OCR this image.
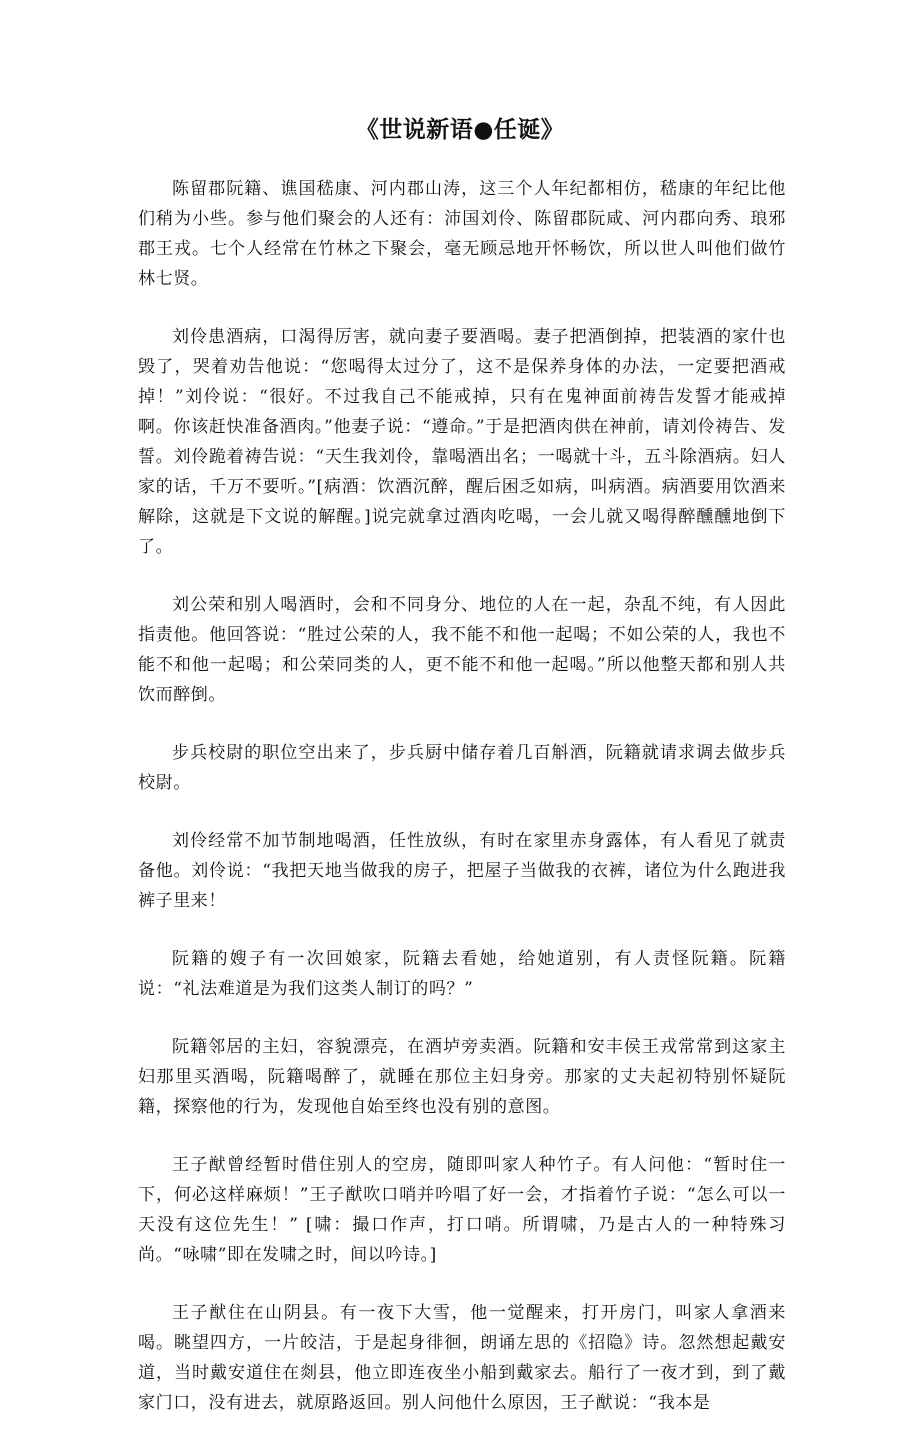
《世说新语●任诞》

陈留郡阮籍、谯国嵇康、河内郡山涛，这三个人年纪都相仿，嵇康的年纪比他们稍为小些。参与他们聚会的人还有：沛国刘伶、陈留郡阮咸、河内郡向秀、琅邪郡王戎。七个人经常在竹林之下聚会，毫无顾忌地开怀畅饮，所以世人叫他们做竹林七贤。

刘伶患酒病，口渴得厉害，就向妻子要酒喝。妻子把酒倒掉，把装酒的家什也毁了，哭着劝告他说：“您喝得太过分了，这不是保养身体的办法，一定要把酒戒掉！”刘伶说：“很好。不过我自己不能戒掉，只有在鬼神面前祷告发誓才能戒掉啊。你该赶快准备酒肉。”他妻子说：“遵命。”于是把酒肉供在神前，请刘伶祷告、发誓。刘伶跪着祷告说：“天生我刘伶，靠喝酒出名；一喝就十斗，五斗除酒病。妇人家的话，千万不要听。”[病酒：饮酒沉醉，醒后困乏如病，叫病酒。病酒要用饮酒来解除，这就是下文说的解醒。]说完就拿过酒肉吃喝，一会儿就又喝得醉醺醺地倒下了。

刘公荣和别人喝酒时，会和不同身分、地位的人在一起，杂乱不纯，有人因此指责他。他回答说：“胜过公荣的人，我不能不和他一起喝；不如公荣的人，我也不能不和他一起喝；和公荣同类的人，更不能不和他一起喝。”所以他整天都和别人共饮而醉倒。

步兵校尉的职位空出来了，步兵厨中储存着几百斛酒，阮籍就请求调去做步兵校尉。

刘伶经常不加节制地喝酒，任性放纵，有时在家里赤身露体，有人看见了就责备他。刘伶说：“我把天地当做我的房子，把屋子当做我的衣裤，诸位为什么跑进我裤子里来！

阮籍的嫂子有一次回娘家，阮籍去看她，给她道别，有人责怪阮籍。阮籍说：“礼法难道是为我们这类人制订的吗？”

阮籍邻居的主妇，容貌漂亮，在酒垆旁卖酒。阮籍和安丰侯王戎常常到这家主妇那里买酒喝，阮籍喝醉了，就睡在那位主妇身旁。那家的丈夫起初特别怀疑阮籍，探察他的行为，发现他自始至终也没有别的意图。

王子猷曾经暂时借住别人的空房，随即叫家人种竹子。有人问他：“暂时住一下，何必这样麻烦！”王子猷吹口哨并吟唱了好一会，才指着竹子说：“怎么可以一天没有这位先生！” [啸：撮口作声，打口哨。所谓啸，乃是古人的一种特殊习尚。“咏啸”即在发啸之时，间以吟诗。]

王子猷住在山阴县。有一夜下大雪，他一觉醒来，打开房门，叫家人拿酒来喝。眺望四方，一片皎洁，于是起身徘徊，朗诵左思的《招隐》诗。忽然想起戴安道，当时戴安道住在剡县，他立即连夜坐小船到戴家去。船行了一夜才到，到了戴家门口，没有进去，就原路返回。别人问他什么原因，王子猷说：“我本是
